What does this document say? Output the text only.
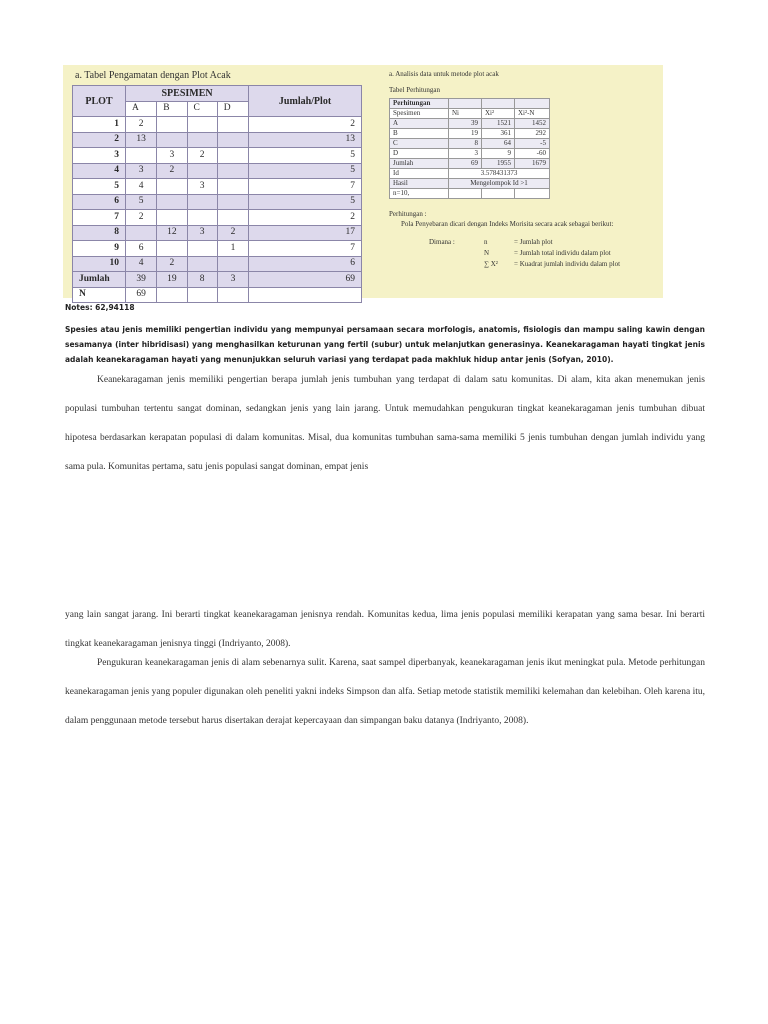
a. Tabel Pengamatan dengan Plot Acak
PLOT	SPESIMEN				Jumlah/Plot
	A	B	C	D	
1	2				2
2	13				13
3		3	2		5
4	3	2			5
5	4		3		7
6	5				5
7	2				2
8		12	3	2	17
9	6			1	7
10	4	2			6
Jumlah	39	19	8	3	69
N	69				
a. Analisis data untuk metode plot acak
Tabel Perhitungan
Perhitungan			
Spesimen	Ni	Xi²	Xi²-N
A	39	1521	1452
B	19	361	292
C	8	64	-5
D	3	9	-60
Jumlah	69	1955	1679
Id	3.578431373		
Hasil	Mengelompok Id >1		
n=10,			
Perhitungan :
Pola Penyebaran dicari dengan Indeks Morisita secara acak sebagai berikut:
Dimana :	n	= Jumlah plot
N	= Jumlah total individu dalam plot
∑ X²	= Kuadrat jumlah individu dalam plot
Notes: 62,94118
Spesies atau jenis memiliki pengertian individu yang mempunyai persamaan secara morfologis, anatomis, fisiologis dan mampu saling kawin dengan sesamanya (inter hibridisasi) yang menghasilkan keturunan yang fertil (subur) untuk melanjutkan generasinya. Keanekaragaman hayati tingkat jenis adalah keanekaragaman hayati yang menunjukkan seluruh variasi yang terdapat pada makhluk hidup antar jenis (Sofyan, 2010).

Keanekaragaman jenis memiliki pengertian berapa jumlah jenis tumbuhan yang terdapat di dalam satu komunitas. Di alam, kita akan menemukan jenis populasi tumbuhan tertentu sangat dominan, sedangkan jenis yang lain jarang. Untuk memudahkan pengukuran tingkat keanekaragaman jenis tumbuhan dibuat hipotesa berdasarkan kerapatan populasi di dalam komunitas. Misal, dua komunitas tumbuhan sama-sama memiliki 5 jenis tumbuhan dengan jumlah individu yang sama pula. Komunitas pertama, satu jenis populasi sangat dominan, empat jenis

yang lain sangat jarang. Ini berarti tingkat keanekaragaman jenisnya rendah. Komunitas kedua, lima jenis populasi memiliki kerapatan yang sama besar. Ini berarti tingkat keanekaragaman jenisnya tinggi (Indriyanto, 2008).

Pengukuran keanekaragaman jenis di alam sebenarnya sulit. Karena, saat sampel diperbanyak, keanekaragaman jenis ikut meningkat pula. Metode perhitungan keanekaragaman jenis yang populer digunakan oleh peneliti yakni indeks Simpson dan alfa. Setiap metode statistik memiliki kelemahan dan kelebihan. Oleh karena itu, dalam penggunaan metode tersebut harus disertakan derajat kepercayaan dan simpangan baku datanya (Indriyanto, 2008).
